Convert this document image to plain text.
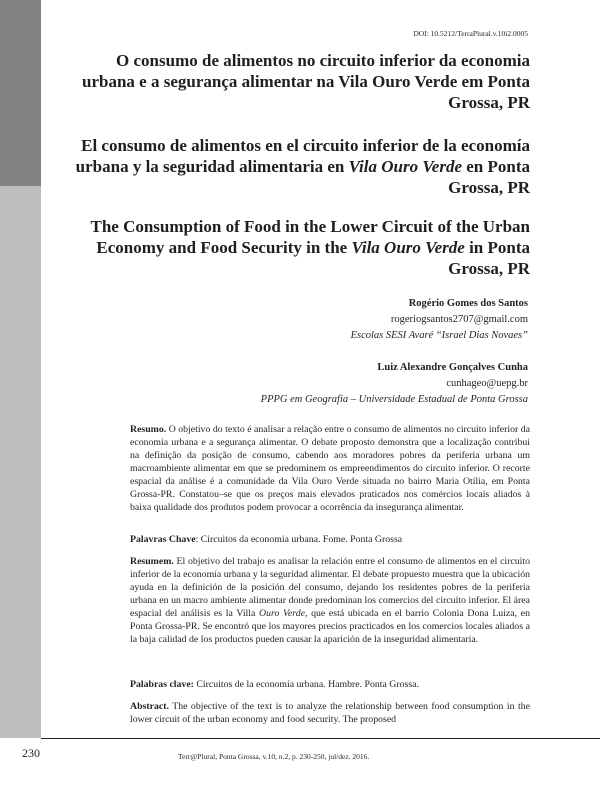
DOI: 10.5212/TerraPlural.v.10i2.0005
O consumo de alimentos no circuito inferior da economia urbana e a segurança alimentar na Vila Ouro Verde em Ponta Grossa, PR
El consumo de alimentos en el circuito inferior de la economía urbana y la seguridad alimentaria en Vila Ouro Verde en Ponta Grossa, PR
The Consumption of Food in the Lower Circuit of the Urban Economy and Food Security in the Vila Ouro Verde in Ponta Grossa, PR
Rogério Gomes dos Santos
rogeriogsantos2707@gmail.com
Escolas SESI Avaré “Israel Dias Novaes”
Luiz Alexandre Gonçalves Cunha
cunhageo@uepg.br
PPPG em Geografia – Universidade Estadual de Ponta Grossa
Resumo. O objetivo do texto é analisar a relação entre o consumo de alimentos no circuito inferior da economia urbana e a segurança alimentar. O debate proposto demonstra que a localização contribui na definição da posição de consumo, cabendo aos moradores pobres da periferia urbana um macroambiente alimentar em que se predominem os empreendimentos do circuito inferior. O recorte espacial da análise é a comunidade da Vila Ouro Verde situada no bairro Maria Otília, em Ponta Grossa-PR. Constatou–se que os preços mais elevados praticados nos comércios locais aliados à baixa qualidade dos produtos podem provocar a ocorrência da insegurança alimentar.
Palavras Chave: Circuitos da economia urbana. Fome. Ponta Grossa
Resumem. El objetivo del trabajo es analisar la relación entre el consumo de alimentos en el circuito inferior de la economía urbana y la seguridad alimentar. El debate propuesto muestra que la ubicación ayuda en la definición de la posición del consumo, dejando los residentes pobres de la periferia urbana en un macro ambiente alimentar donde predominan los comercios del circuito inferior. El área espacial del análisis es la Villa Ouro Verde, que está ubicada en el barrio Colonia Dona Luiza, en Ponta Grossa-PR. Se encontró que los mayores precios practicados en los comercios locales aliados a la baja calidad de los productos pueden causar la aparición de la inseguridad alimentaria.
Palabras clave: Circuitos de la economía urbana. Hambre. Ponta Grossa.
Abstract. The objective of the text is to analyze the relationship between food consumption in the lower circuit of the urban economy and food security. The proposed
230	Terr@Plural, Ponta Grossa, v.10, n.2, p. 230-250, jul/dez. 2016.
